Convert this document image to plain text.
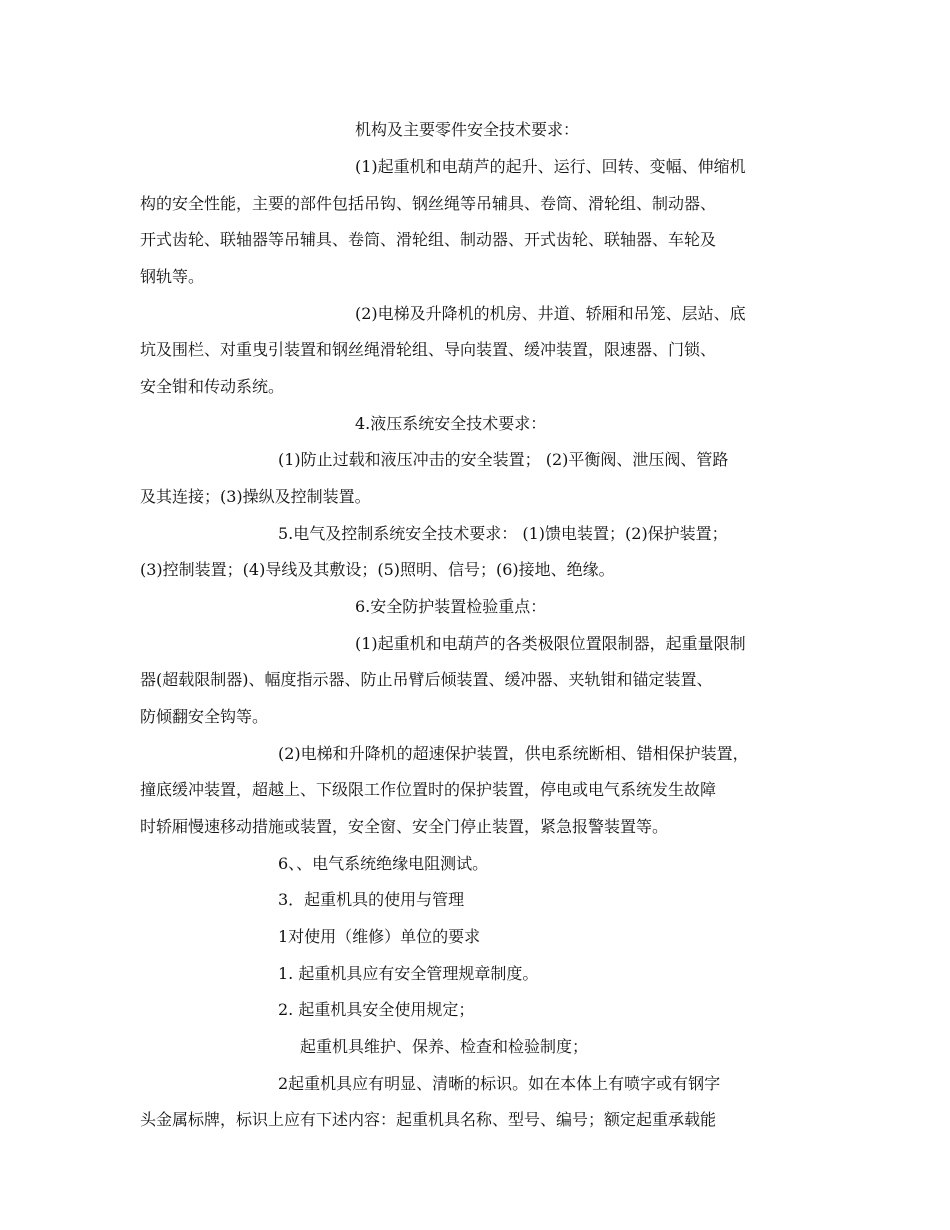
机构及主要零件安全技术要求：
(1)起重机和电葫芦的起升、运行、回转、变幅、伸缩机
构的安全性能，主要的部件包括吊钩、钢丝绳等吊辅具、卷筒、滑轮组、制动器、
开式齿轮、联轴器等吊辅具、卷筒、滑轮组、制动器、开式齿轮、联轴器、车轮及
钢轨等。
(2)电梯及升降机的机房、井道、轿厢和吊笼、层站、底
坑及围栏、对重曳引装置和钢丝绳滑轮组、导向装置、缓冲装置，限速器、门锁、
安全钳和传动系统。
4.液压系统安全技术要求：
(1)防止过载和液压冲击的安全装置； (2)平衡阀、泄压阀、管路
及其连接；(3)操纵及控制装置。
5.电气及控制系统安全技术要求： (1)馈电装置；(2)保护装置；
(3)控制装置；(4)导线及其敷设；(5)照明、信号；(6)接地、绝缘。
6.安全防护装置检验重点：
(1)起重机和电葫芦的各类极限位置限制器，起重量限制
器(超载限制器)、幅度指示器、防止吊臂后倾装置、缓冲器、夹轨钳和锚定装置、
防倾翻安全钩等。
(2)电梯和升降机的超速保护装置，供电系统断相、错相保护装置，
撞底缓冲装置，超越上、下级限工作位置时的保护装置，停电或电气系统发生故障
时轿厢慢速移动措施或装置，安全窗、安全门停止装置，紧急报警装置等。
6、、电气系统绝缘电阻测试。
3．起重机具的使用与管理
1对使用（维修）单位的要求
1. 起重机具应有安全管理规章制度。
2. 起重机具安全使用规定；
起重机具维护、保养、检查和检验制度；
2起重机具应有明显、清晰的标识。如在本体上有喷字或有钢字
头金属标牌，标识上应有下述内容：起重机具名称、型号、编号；额定起重承载能
